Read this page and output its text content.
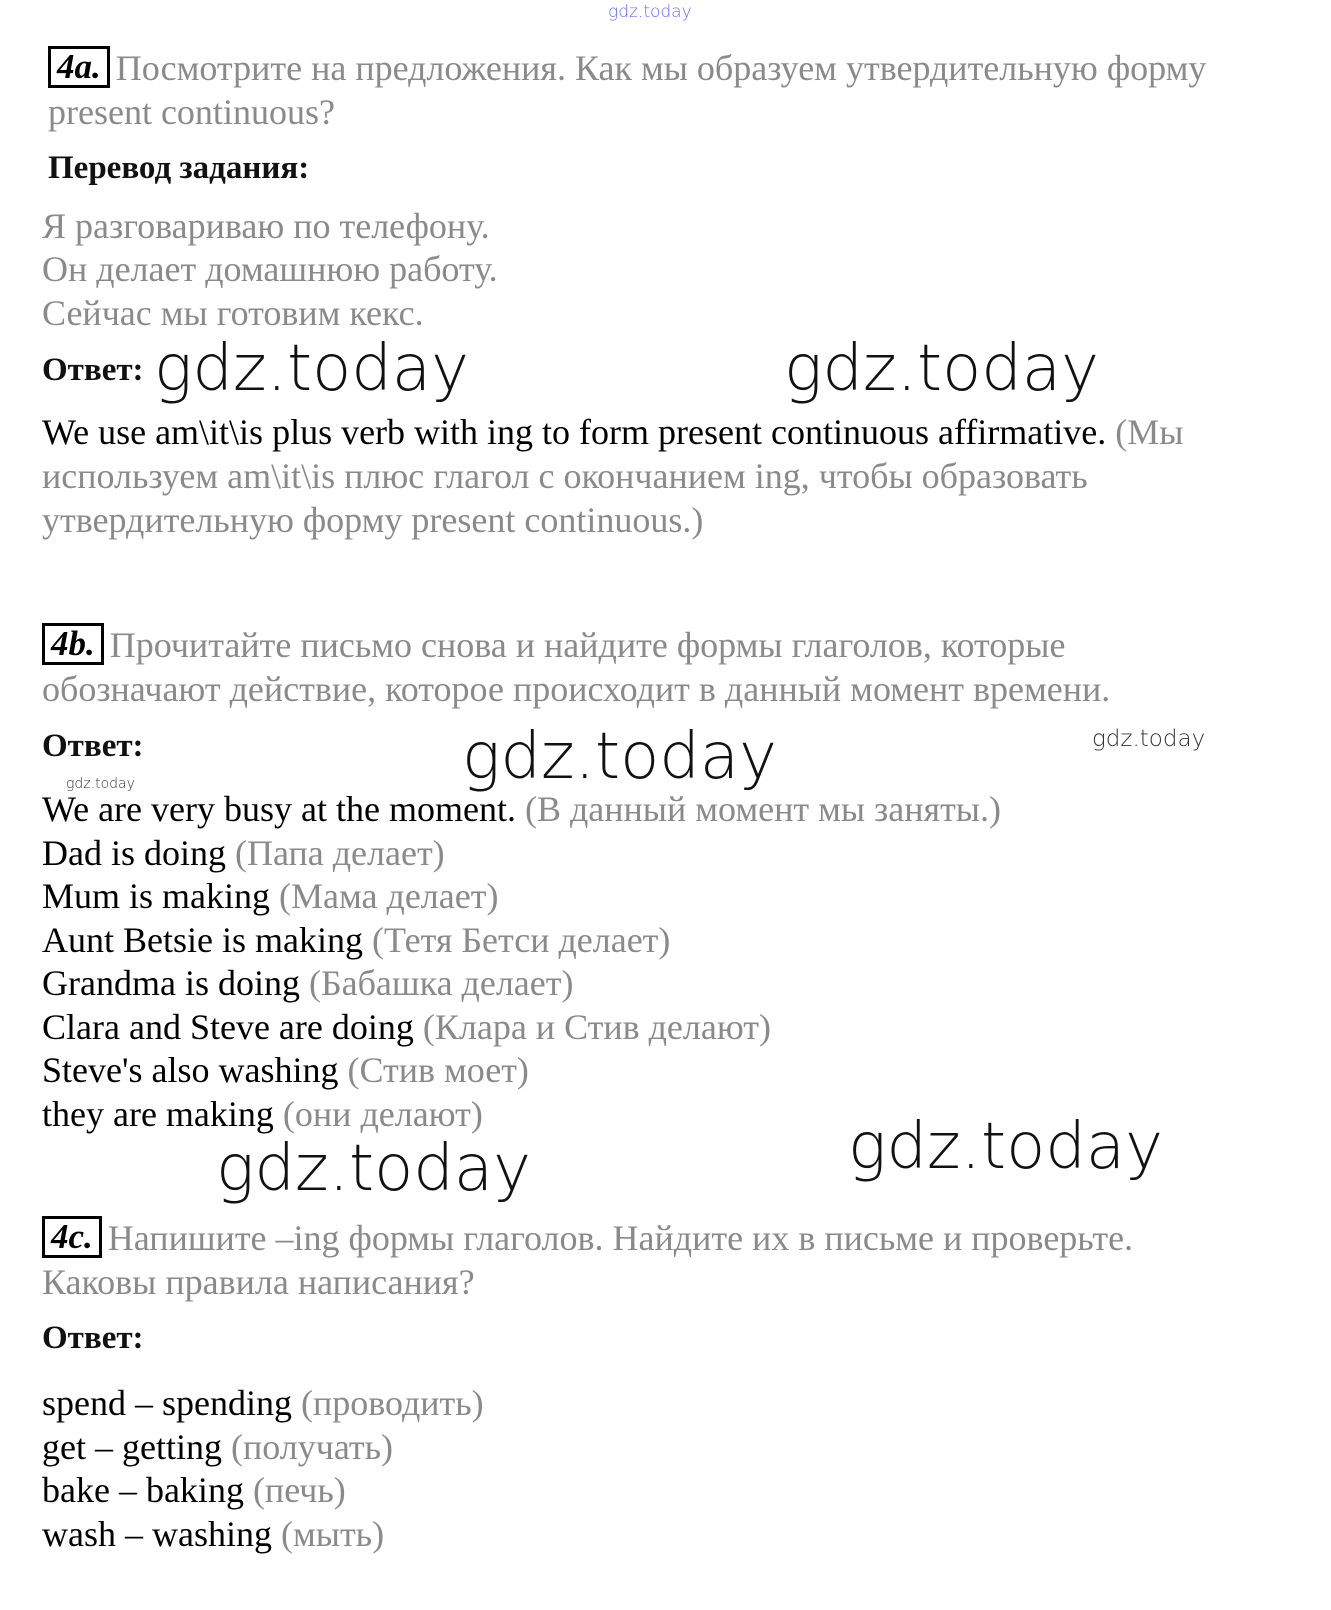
gdz.today
4a. Посмотрите на предложения. Как мы образуем утвердительную форму
present continuous?
Перевод задания:
Я разговариваю по телефону.
Он делает домашнюю работу.
Сейчас мы готовим кекс.
Ответ: gdz.today	gdz.today
We use am\it\is plus verb with ing to form present continuous affirmative. (Мы
используем am\it\is плюс глагол с окончанием ing, чтобы образовать
утвердительную форму present continuous.)
4b. Прочитайте письмо снова и найдите формы глаголов, которые
обозначают действие, которое происходит в данный момент времени.
Ответ:	gdz.today	gdz.today
gdz.today
We are very busy at the moment. (В данный момент мы заняты.)
Dad is doing (Папа делает)
Mum is making (Мама делает)
Aunt Betsie is making (Тетя Бетси делает)
Grandma is doing (Бабашка делает)
Clara and Steve are doing (Клара и Стив делают)
Steve's also washing (Стив моет)
they are making (они делают)
gdz.today	gdz.today
4c. Напишите –ing формы глаголов. Найдите их в письме и проверьте.
Каковы правила написания?
Ответ:
spend – spending (проводить)
get – getting (получать)
bake – baking (печь)
wash – washing (мыть)
